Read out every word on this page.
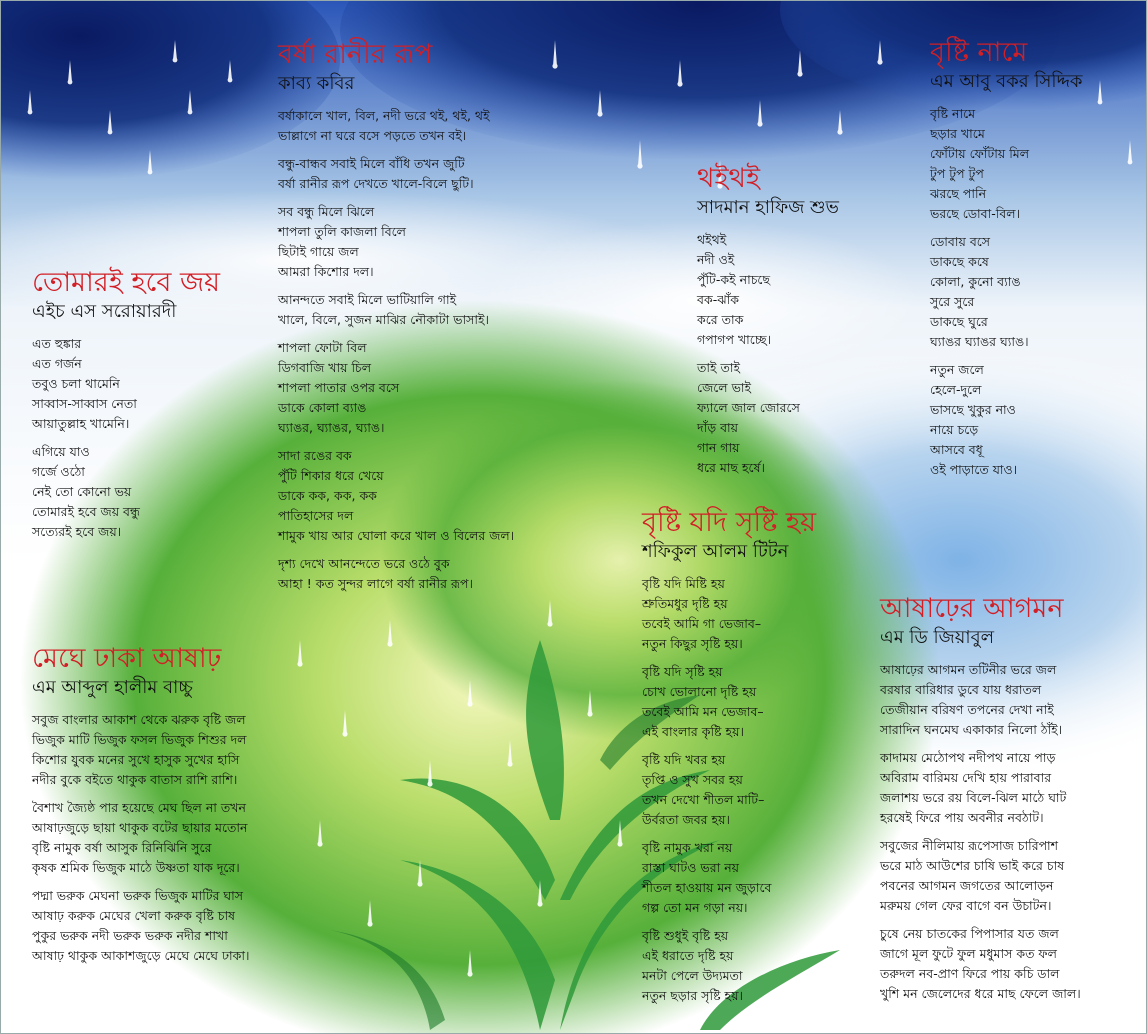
বর্ষা রানীর রূপ
কাব্য কবির
বর্ষাকালে খাল, বিল, নদী ভরে থই, থই, থই
ভাল্লাগে না ঘরে বসে পড়তে তখন বই।
বন্ধু-বান্ধব সবাই মিলে বাঁধি তখন জুটি
বর্ষা রানীর রূপ দেখতে খালে-বিলে ছুটি।
সব বন্ধু মিলে ঝিলে
শাপলা তুলি কাজলা বিলে
ছিটাই গায়ে জল
আমরা কিশোর দল।
আনন্দতে সবাই মিলে ভাটিয়ালি গাই
খালে, বিলে, সুজন মাঝির নৌকাটা ভাসাই।
শাপলা ফোটা বিল
ডিগবাজি খায় চিল
শাপলা পাতার ওপর বসে
ডাকে কোলা ব্যাঙ
ঘ্যাঙর, ঘ্যাঙর, ঘ্যাঙ।
সাদা রঙের বক
পুঁটি শিকার ধরে খেয়ে
ডাকে কক, কক, কক
পাতিহাসের দল
শামুক খায় আর ঘোলা করে খাল ও বিলের জল।
দৃশ্য দেখে আনন্দেতে ভরে ওঠে বুক
আহা ! কত সুন্দর লাগে বর্ষা রানীর রূপ।
তোমারই হবে জয়
এইচ এস সরোয়ারদী
এত হুঙ্কার
এত গর্জন
তবুও চলা থামেনি
সাব্বাস-সাব্বাস নেতা
আয়াতুল্লাহ খামেনি।
এগিয়ে যাও
গর্জে ওঠো
নেই তো কোনো ভয়
তোমারই হবে জয় বন্ধু
সত্যেরই হবে জয়।
মেঘে ঢাকা আষাঢ়
এম আব্দুল হালীম বাচ্চু
সবুজ বাংলার আকাশ থেকে ঝরুক বৃষ্টি জল
ভিজুক মাটি ভিজুক ফসল ভিজুক শিশুর দল
কিশোর যুবক মনের সুখে হাসুক সুখের হাসি
নদীর বুকে বইতে থাকুক বাতাস রাশি রাশি।
বৈশাখ জ্যৈষ্ঠ পার হয়েছে মেঘ ছিল না তখন
আষাঢ়জুড়ে ছায়া থাকুক বটের ছায়ার মতোন
বৃষ্টি নামুক বর্ষা আসুক রিনিঝিনি সুরে
কৃষক শ্রমিক ভিজুক মাঠে উষ্ণতা যাক দূরে।
পদ্মা ভরুক মেঘনা ভরুক ভিজুক মাটির ঘাস
আষাঢ় করুক মেঘের খেলা করুক বৃষ্টি চাষ
পুকুর ভরুক নদী ভরুক ভরুক নদীর শাখা
আষাঢ় থাকুক আকাশজুড়ে মেঘে মেঘে ঢাকা।
থইথই
সাদমান হাফিজ শুভ
থইথই
নদী ওই
পুঁটি-কই নাচছে
বক-ঝাঁক
করে তাক
গপাগপ খাচ্ছে।
তাই তাই
জেলে ভাই
ফ্যালে জাল জোরসে
দাঁড় বায়
গান গায়
ধরে মাছ হর্ষে।
বৃষ্টি নামে
এম আবু বকর সিদ্দিক
বৃষ্টি নামে
ছড়ার খামে
ফোঁটায় ফোঁটায় মিল
টুপ টুপ টুপ
ঝরছে পানি
ভরছে ডোবা-বিল।
ডোবায় বসে
ডাকছে কষে
কোলা, কুনো ব্যাঙ
সুরে সুরে
ডাকছে ঘুরে
ঘ্যাঙর ঘ্যাঙর ঘ্যাঙ।
নতুন জলে
হেলে-দুলে
ভাসছে খুকুর নাও
নায়ে চড়ে
আসবে বধূ
ওই পাড়াতে যাও।
বৃষ্টি যদি সৃষ্টি হয়
শফিকুল আলম টিটন
বৃষ্টি যদি মিষ্টি হয়
শ্রুতিমধুর দৃষ্টি হয়
তবেই আমি গা ভেজাব–
নতুন কিছুর সৃষ্টি হয়।
বৃষ্টি যদি সৃষ্টি হয়
চোখ ভোলানো দৃষ্টি হয়
তবেই আমি মন ভেজাব–
এই বাংলার কৃষ্টি হয়।
বৃষ্টি যদি খবর হয়
তৃপ্তি ও সুখ সবর হয়
তখন দেখো শীতল মাটি–
উর্বরতা জবর হয়।
বৃষ্টি নামুক খরা নয়
রাস্তা ঘাটও ভরা নয়
শীতল হাওয়ায় মন জুড়াবে
গল্প তো মন গড়া নয়।
বৃষ্টি শুধুই বৃষ্টি হয়
এই ধরাতে দৃষ্টি হয়
মনটা পেলে উদ্যমতা
নতুন ছড়ার সৃষ্টি হয়।
আষাঢ়ের আগমন
এম ডি জিয়াবুল
আষাঢ়ের আগমন তটিনীর ভরে জল
বরষার বারিধার ডুবে যায় ধরাতল
তেজীয়ান বরিষণ তপনের দেখা নাই
সারাদিন ঘনমেঘ একাকার নিলো ঠাঁই।
কাদাময় মেঠোপথ নদীপথ নায়ে পাড়
অবিরাম বারিময় দেখি হায় পারাবার
জলাশয় ভরে রয় বিলে-ঝিল মাঠে ঘাট
হরষেই ফিরে পায় অবনীর নবঠাট।
সবুজের নীলিমায় রূপেসাজ চারিপাশ
ভরে মাঠ আউশের চাষি ভাই করে চাষ
পবনের আগমন জগতের আলোড়ন
মরুময় গেল ফের বাগে বন উচাটন।
চুষে নেয় চাতকের পিপাসার যত জল
জাগে মূল ফুটে ফুল মধুমাস কত ফল
তরুদল নব-প্রাণ ফিরে পায় কচি ডাল
খুশি মন জেলেদের ধরে মাছ ফেলে জাল।
